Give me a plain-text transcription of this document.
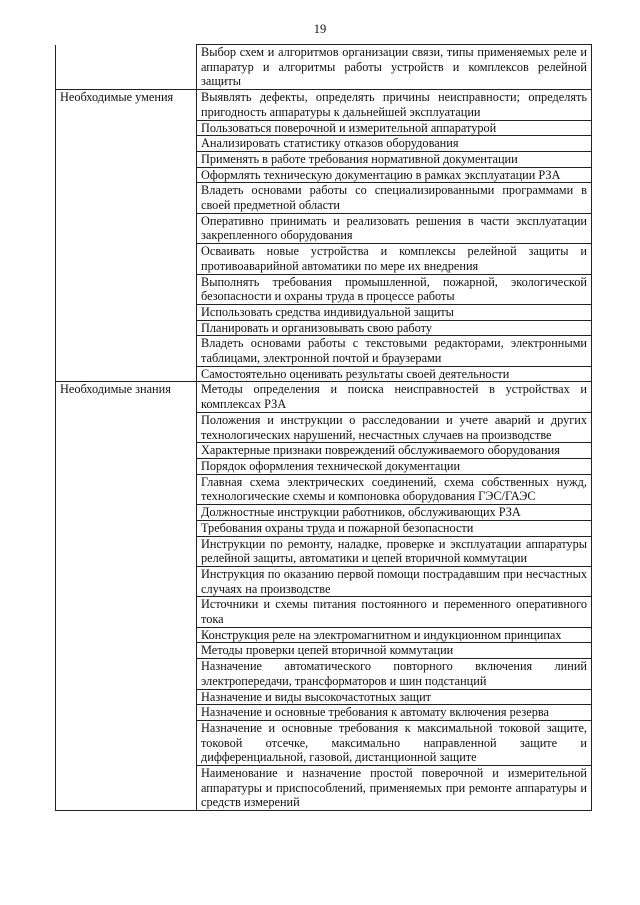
19
	Выбор схем и алгоритмов организации связи, типы применяемых реле и аппаратур и алгоритмы работы устройств и комплексов релейной защиты
Необходимые умения	Выявлять дефекты, определять причины неисправности; определять пригодность аппаратуры к дальнейшей эксплуатации
	Пользоваться поверочной и измерительной аппаратурой
	Анализировать статистику отказов оборудования
	Применять в работе требования нормативной документации
	Оформлять техническую документацию в рамках эксплуатации РЗА
	Владеть основами работы со специализированными программами в своей предметной области
	Оперативно принимать и реализовать решения в части эксплуатации закрепленного оборудования
	Осваивать новые устройства и комплексы релейной защиты и противоаварийной автоматики по мере их внедрения
	Выполнять требования промышленной, пожарной, экологической безопасности и охраны труда в процессе работы
	Использовать средства индивидуальной защиты
	Планировать и организовывать свою работу
	Владеть основами работы с текстовыми редакторами, электронными таблицами, электронной почтой и браузерами
	Самостоятельно оценивать результаты своей деятельности
Необходимые знания	Методы определения и поиска неисправностей в устройствах и комплексах РЗА
	Положения и инструкции о расследовании и учете аварий и других технологических нарушений, несчастных случаев на производстве
	Характерные признаки повреждений обслуживаемого оборудования
	Порядок оформления технической документации
	Главная схема электрических соединений, схема собственных нужд, технологические схемы и компоновка оборудования ГЭС/ГАЭС
	Должностные инструкции работников, обслуживающих РЗА
	Требования охраны труда и пожарной безопасности
	Инструкции по ремонту, наладке, проверке и эксплуатации аппаратуры релейной защиты, автоматики и цепей вторичной коммутации
	Инструкция по оказанию первой помощи пострадавшим при несчастных случаях на производстве
	Источники и схемы питания постоянного и переменного оперативного тока
	Конструкция реле на электромагнитном и индукционном принципах
	Методы проверки цепей вторичной коммутации
	Назначение автоматического повторного включения линий электропередачи, трансформаторов и шин подстанций
	Назначение и виды высокочастотных защит
	Назначение и основные требования к автомату включения резерва
	Назначение и основные требования к максимальной токовой защите, токовой отсечке, максимально направленной защите и дифференциальной, газовой, дистанционной защите
	Наименование и назначение простой поверочной и измерительной аппаратуры и приспособлений, применяемых при ремонте аппаратуры и средств измерений
